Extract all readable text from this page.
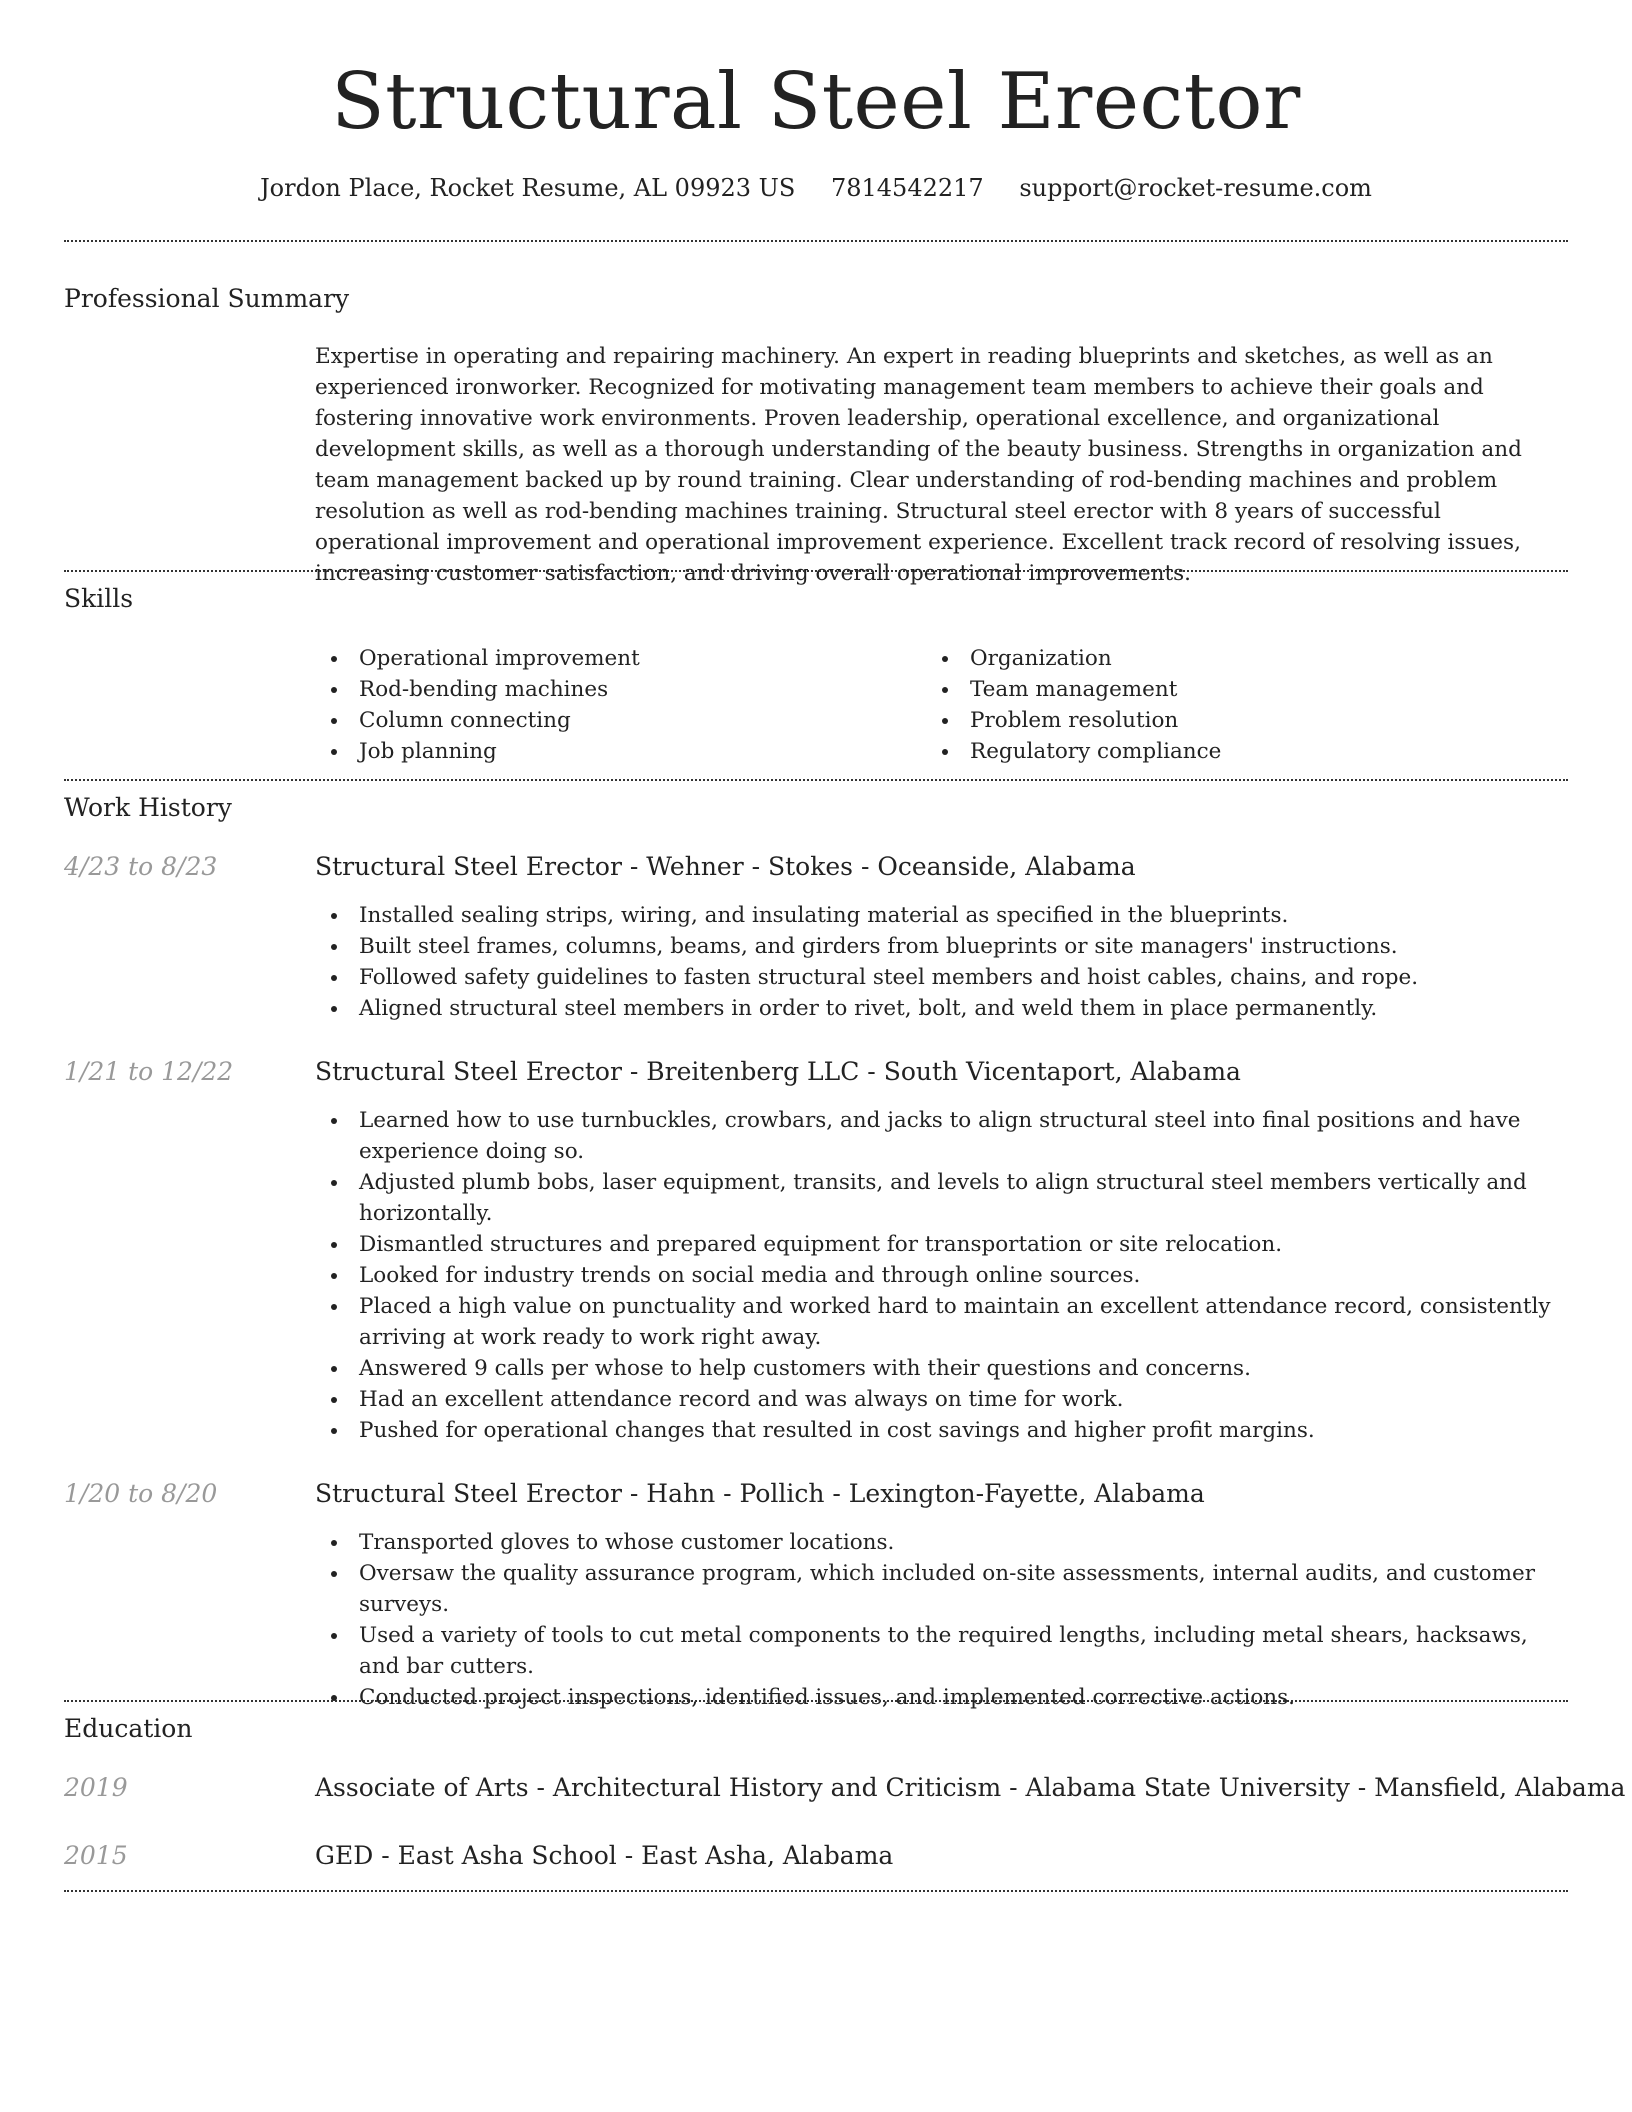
Structural Steel Erector
Jordon Place, Rocket Resume, AL 09923 US 7814542217 support@rocket-resume.com
Professional Summary
Expertise in operating and repairing machinery. An expert in reading blueprints and sketches, as well as an experienced ironworker. Recognized for motivating management team members to achieve their goals and fostering innovative work environments. Proven leadership, operational excellence, and organizational development skills, as well as a thorough understanding of the beauty business. Strengths in organization and team management backed up by round training. Clear understanding of rod-bending machines and problem resolution as well as rod-bending machines training. Structural steel erector with 8 years of successful operational improvement and operational improvement experience. Excellent track record of resolving issues, increasing customer satisfaction, and driving overall operational improvements.
Skills
Operational improvement
Rod-bending machines
Column connecting
Job planning
Organization
Team management
Problem resolution
Regulatory compliance
Work History
4/23 to 8/23	Structural Steel Erector - Wehner - Stokes - Oceanside, Alabama
Installed sealing strips, wiring, and insulating material as specified in the blueprints.
Built steel frames, columns, beams, and girders from blueprints or site managers' instructions.
Followed safety guidelines to fasten structural steel members and hoist cables, chains, and rope.
Aligned structural steel members in order to rivet, bolt, and weld them in place permanently.
1/21 to 12/22	Structural Steel Erector - Breitenberg LLC - South Vicentaport, Alabama
Learned how to use turnbuckles, crowbars, and jacks to align structural steel into final positions and have experience doing so.
Adjusted plumb bobs, laser equipment, transits, and levels to align structural steel members vertically and horizontally.
Dismantled structures and prepared equipment for transportation or site relocation.
Looked for industry trends on social media and through online sources.
Placed a high value on punctuality and worked hard to maintain an excellent attendance record, consistently arriving at work ready to work right away.
Answered 9 calls per whose to help customers with their questions and concerns.
Had an excellent attendance record and was always on time for work.
Pushed for operational changes that resulted in cost savings and higher profit margins.
1/20 to 8/20	Structural Steel Erector - Hahn - Pollich - Lexington-Fayette, Alabama
Transported gloves to whose customer locations.
Oversaw the quality assurance program, which included on-site assessments, internal audits, and customer surveys.
Used a variety of tools to cut metal components to the required lengths, including metal shears, hacksaws, and bar cutters.
Conducted project inspections, identified issues, and implemented corrective actions.
Education
2019	Associate of Arts - Architectural History and Criticism - Alabama State University - Mansfield, Alabama
2015	GED - East Asha School - East Asha, Alabama
